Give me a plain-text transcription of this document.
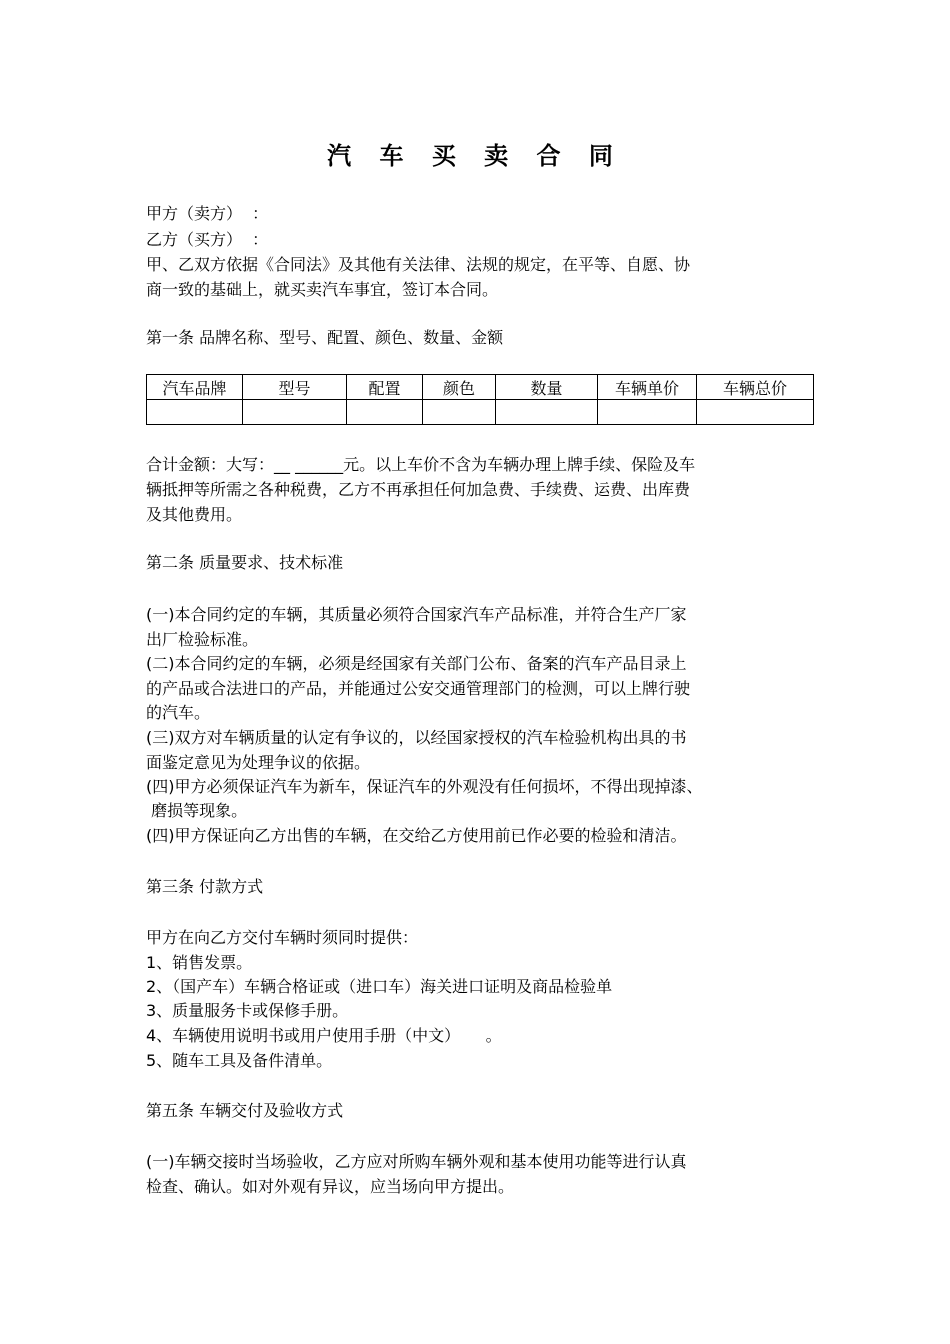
汽 车 买 卖 合 同
甲方（卖方）  ：
乙方（买方）  ：
甲、乙双方依据《合同法》及其他有关法律、法规的规定，在平等、自愿、协
商一致的基础上，就买卖汽车事宜，签订本合同。
第一条 品牌名称、型号、配置、颜色、数量、金额
汽车品牌	型号	配置	颜色	数量	车辆单价	车辆总价

合计金额：大写：__ ______元。以上车价不含为车辆办理上牌手续、保险及车
辆抵押等所需之各种税费，乙方不再承担任何加急费、手续费、运费、出库费
及其他费用。
第二条 质量要求、技术标准
(一)本合同约定的车辆，其质量必须符合国家汽车产品标准，并符合生产厂家
出厂检验标准。
(二)本合同约定的车辆，必须是经国家有关部门公布、备案的汽车产品目录上
的产品或合法进口的产品，并能通过公安交通管理部门的检测，可以上牌行驶
的汽车。
(三)双方对车辆质量的认定有争议的，以经国家授权的汽车检验机构出具的书
面鉴定意见为处理争议的依据。
(四)甲方必须保证汽车为新车，保证汽车的外观没有任何损坏，不得出现掉漆、
磨损等现象。
(四)甲方保证向乙方出售的车辆，在交给乙方使用前已作必要的检验和清洁。
第三条 付款方式
甲方在向乙方交付车辆时须同时提供：
1、销售发票。
2、（国产车）车辆合格证或（进口车）海关进口证明及商品检验单
3、质量服务卡或保修手册。
4、车辆使用说明书或用户使用手册（中文）     。
5、随车工具及备件清单。
第五条 车辆交付及验收方式
(一)车辆交接时当场验收，乙方应对所购车辆外观和基本使用功能等进行认真
检查、确认。如对外观有异议，应当场向甲方提出。
